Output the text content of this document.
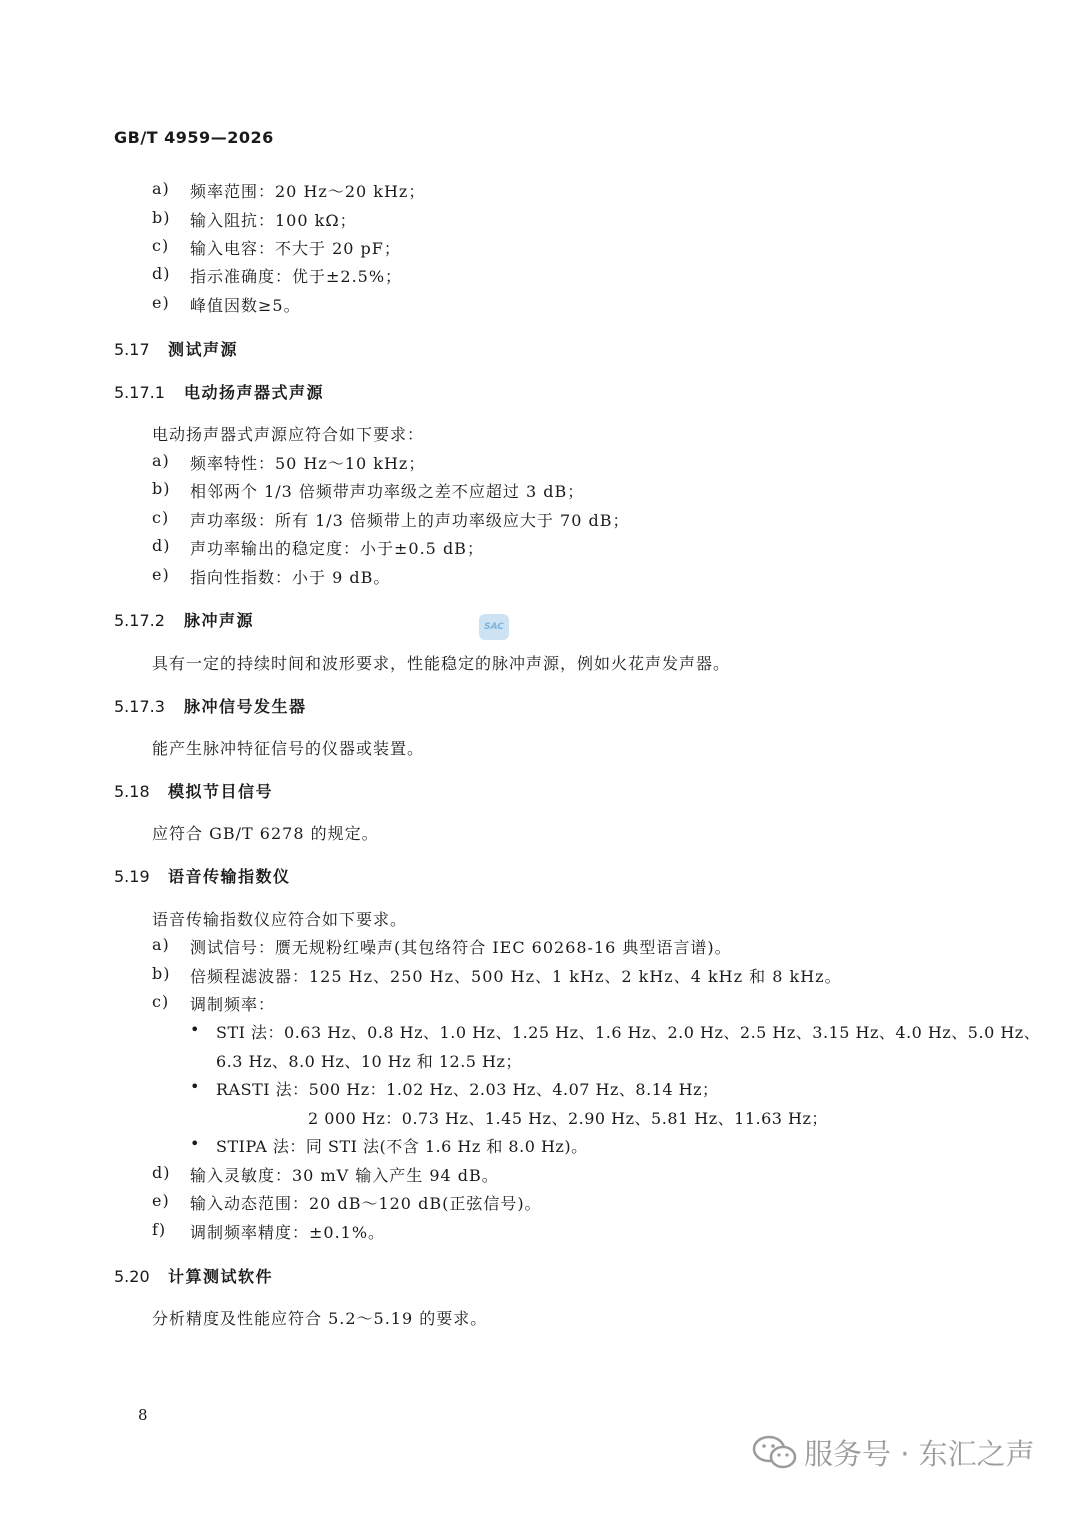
GB/T 4959—2026
a) 频率范围：20 Hz～20 kHz；
b) 输入阻抗：100 kΩ；
c) 输入电容：不大于 20 pF；
d) 指示准确度：优于±2.5%；
e) 峰值因数≥5。
5.17 测试声源
5.17.1 电动扬声器式声源
电动扬声器式声源应符合如下要求：
a) 频率特性：50 Hz～10 kHz；
b) 相邻两个 1/3 倍频带声功率级之差不应超过 3 dB；
c) 声功率级：所有 1/3 倍频带上的声功率级应大于 70 dB；
d) 声功率输出的稳定度：小于±0.5 dB；
e) 指向性指数：小于 9 dB。
5.17.2 脉冲声源	SAC
具有一定的持续时间和波形要求，性能稳定的脉冲声源，例如火花声发声器。
5.17.3 脉冲信号发生器
能产生脉冲特征信号的仪器或装置。
5.18 模拟节目信号
应符合 GB/T 6278 的规定。
5.19 语音传输指数仪
语音传输指数仪应符合如下要求。
a) 测试信号：赝无规粉红噪声(其包络符合 IEC 60268-16 典型语言谱)。
b) 倍频程滤波器：125 Hz、250 Hz、500 Hz、1 kHz、2 kHz、4 kHz 和 8 kHz。
c) 调制频率：
• STI 法：0.63 Hz、0.8 Hz、1.0 Hz、1.25 Hz、1.6 Hz、2.0 Hz、2.5 Hz、3.15 Hz、4.0 Hz、5.0 Hz、
6.3 Hz、8.0 Hz、10 Hz 和 12.5 Hz；
• RASTI 法：500 Hz：1.02 Hz、2.03 Hz、4.07 Hz、8.14 Hz；
2 000 Hz：0.73 Hz、1.45 Hz、2.90 Hz、5.81 Hz、11.63 Hz；
• STIPA 法：同 STI 法(不含 1.6 Hz 和 8.0 Hz)。
d) 输入灵敏度：30 mV 输入产生 94 dB。
e) 输入动态范围：20 dB～120 dB(正弦信号)。
f) 调制频率精度：±0.1%。
5.20 计算测试软件
分析精度及性能应符合 5.2～5.19 的要求。
8
服务号 · 东汇之声
